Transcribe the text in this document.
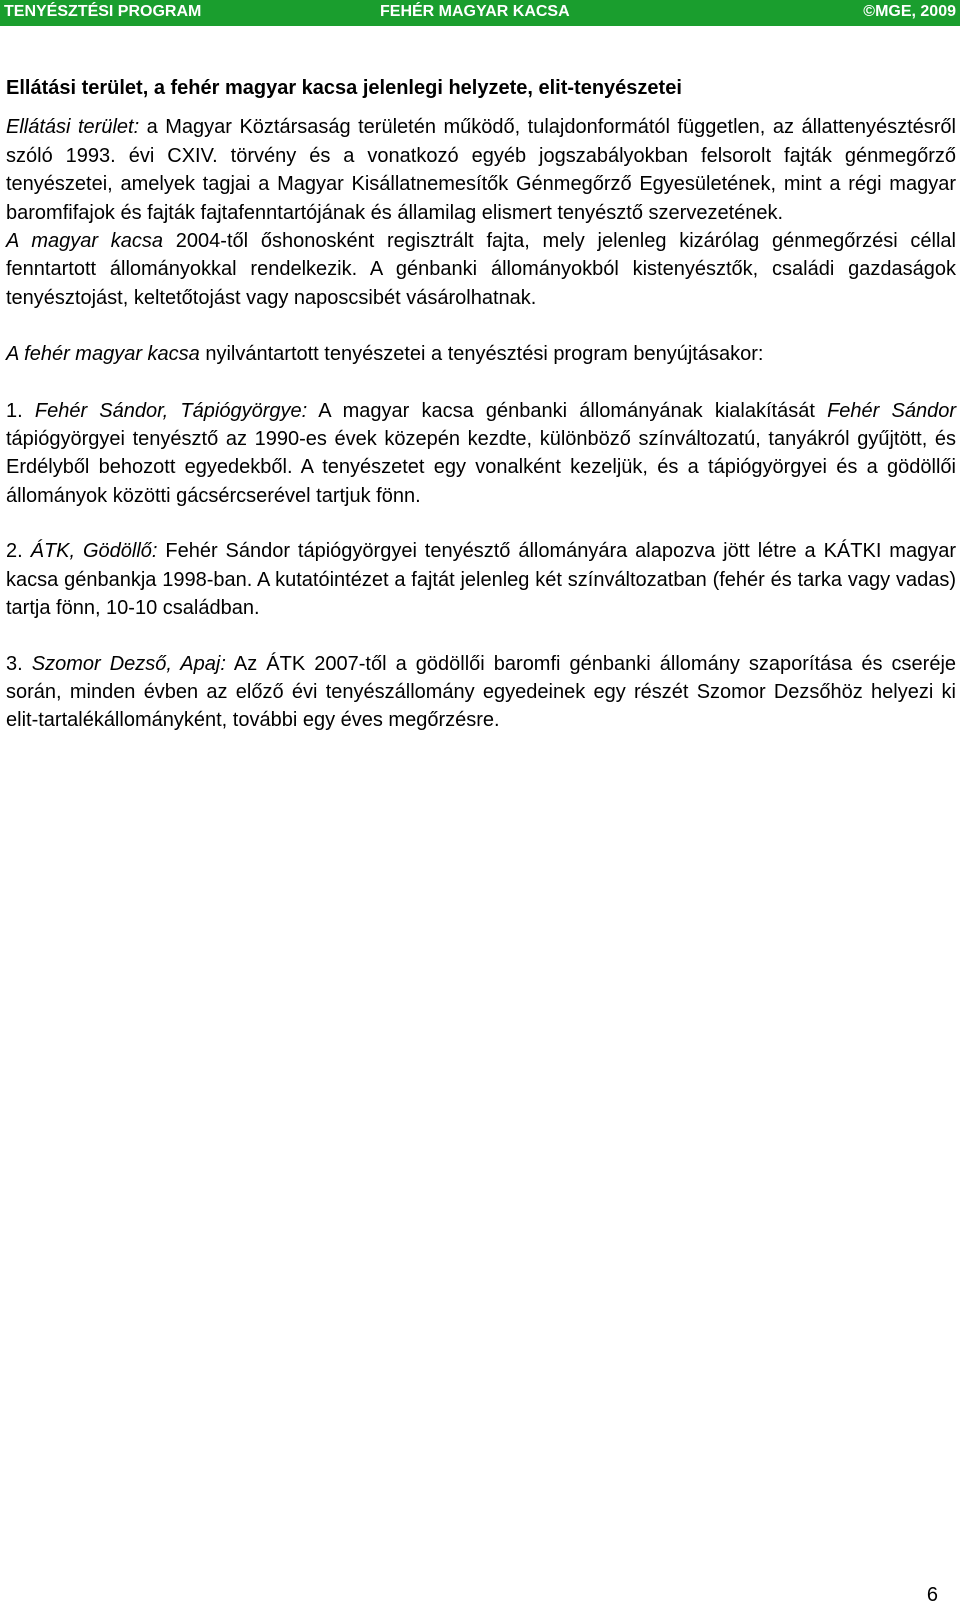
TENYÉSZTÉSI PROGRAM	FEHÉR MAGYAR KACSA	©MGE, 2009
Ellátási terület, a fehér magyar kacsa jelenlegi helyzete, elit-tenyészetei

Ellátási terület: a Magyar Köztársaság területén működő, tulajdonformától független, az állattenyésztésről szóló 1993. évi CXIV. törvény és a vonatkozó egyéb jogszabályokban felsorolt fajták génmegőrző tenyészetei, amelyek tagjai a Magyar Kisállatnemesítők Génmegőrző Egyesületének, mint a régi magyar baromfifajok és fajták fajtafenntartójának és államilag elismert tenyésztő szervezetének.

A magyar kacsa 2004-től őshonosként regisztrált fajta, mely jelenleg kizárólag génmegőrzési céllal fenntartott állományokkal rendelkezik. A génbanki állományokból kistenyésztők, családi gazdaságok tenyésztojást, keltetőtojást vagy naposcsibét vásárolhatnak.

A fehér magyar kacsa nyilvántartott tenyészetei a tenyésztési program benyújtásakor:

1. Fehér Sándor, Tápiógyörgye: A magyar kacsa génbanki állományának kialakítását Fehér Sándor tápiógyörgyei tenyésztő az 1990-es évek közepén kezdte, különböző színváltozatú, tanyákról gyűjtött, és Erdélyből behozott egyedekből. A tenyészetet egy vonalként kezeljük, és a tápiógyörgyei és a gödöllői állományok közötti gácsércserével tartjuk fönn.

2. ÁTK, Gödöllő: Fehér Sándor tápiógyörgyei tenyésztő állományára alapozva jött létre a KÁTKI magyar kacsa génbankja 1998-ban. A kutatóintézet a fajtát jelenleg két színváltozatban (fehér és tarka vagy vadas) tartja fönn, 10-10 családban.

3. Szomor Dezső, Apaj: Az ÁTK 2007-től a gödöllői baromfi génbanki állomány szaporítása és cseréje során, minden évben az előző évi tenyészállomány egyedeinek egy részét Szomor Dezsőhöz helyezi ki elit-tartalékállományként, további egy éves megőrzésre.

6
